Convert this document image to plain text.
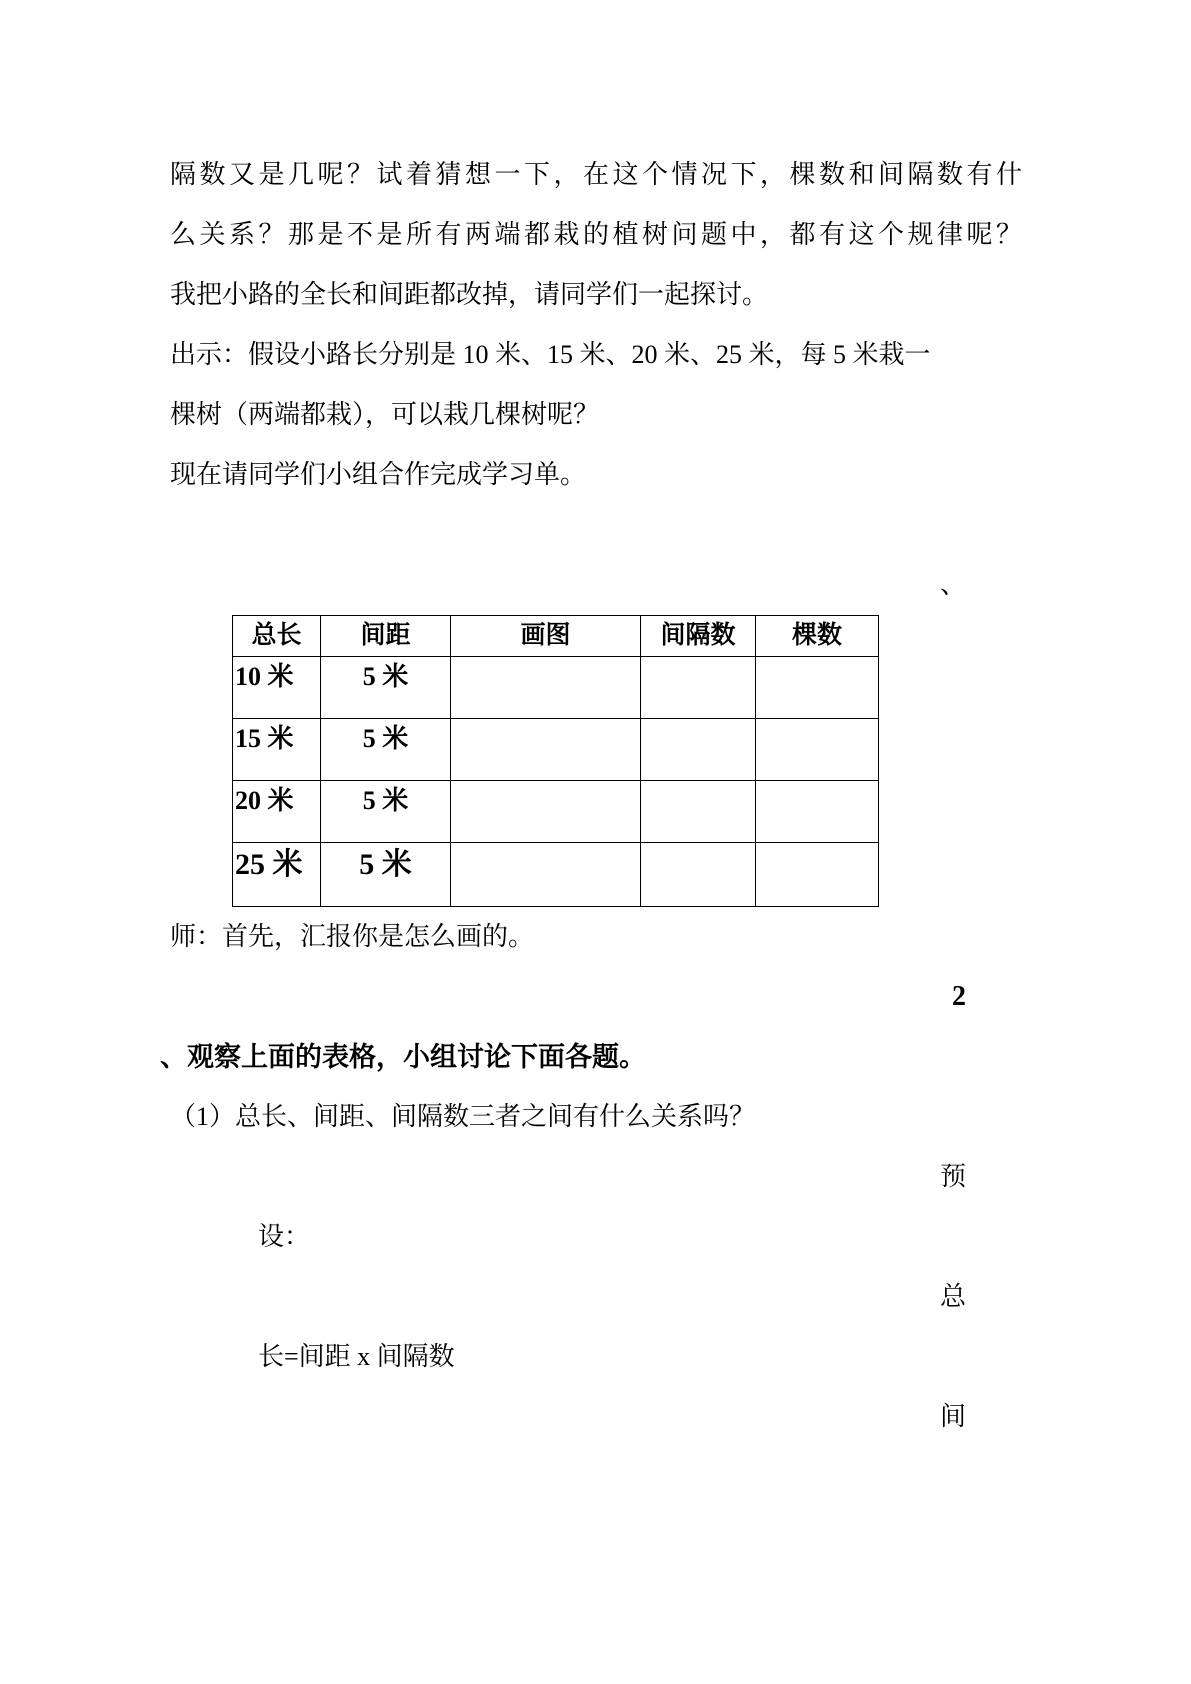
隔数又是几呢？试着猜想一下，在这个情况下，棵数和间隔数有什
么关系？那是不是所有两端都栽的植树问题中，都有这个规律呢？
我把小路的全长和间距都改掉，请同学们一起探讨。
出示：假设小路长分别是 10 米、15 米、20 米、25 米，每 5 米栽一
棵树（两端都栽），可以栽几棵树呢？
现在请同学们小组合作完成学习单。
、
总长	间距	画图	间隔数	棵数
10 米	5 米			
15 米	5 米			
20 米	5 米			
25 米	5 米			
师：首先，汇报你是怎么画的。
2
、观察上面的表格，小组讨论下面各题。
（1）总长、间距、间隔数三者之间有什么关系吗？
预
设：
总
长=间距 x 间隔数
间
